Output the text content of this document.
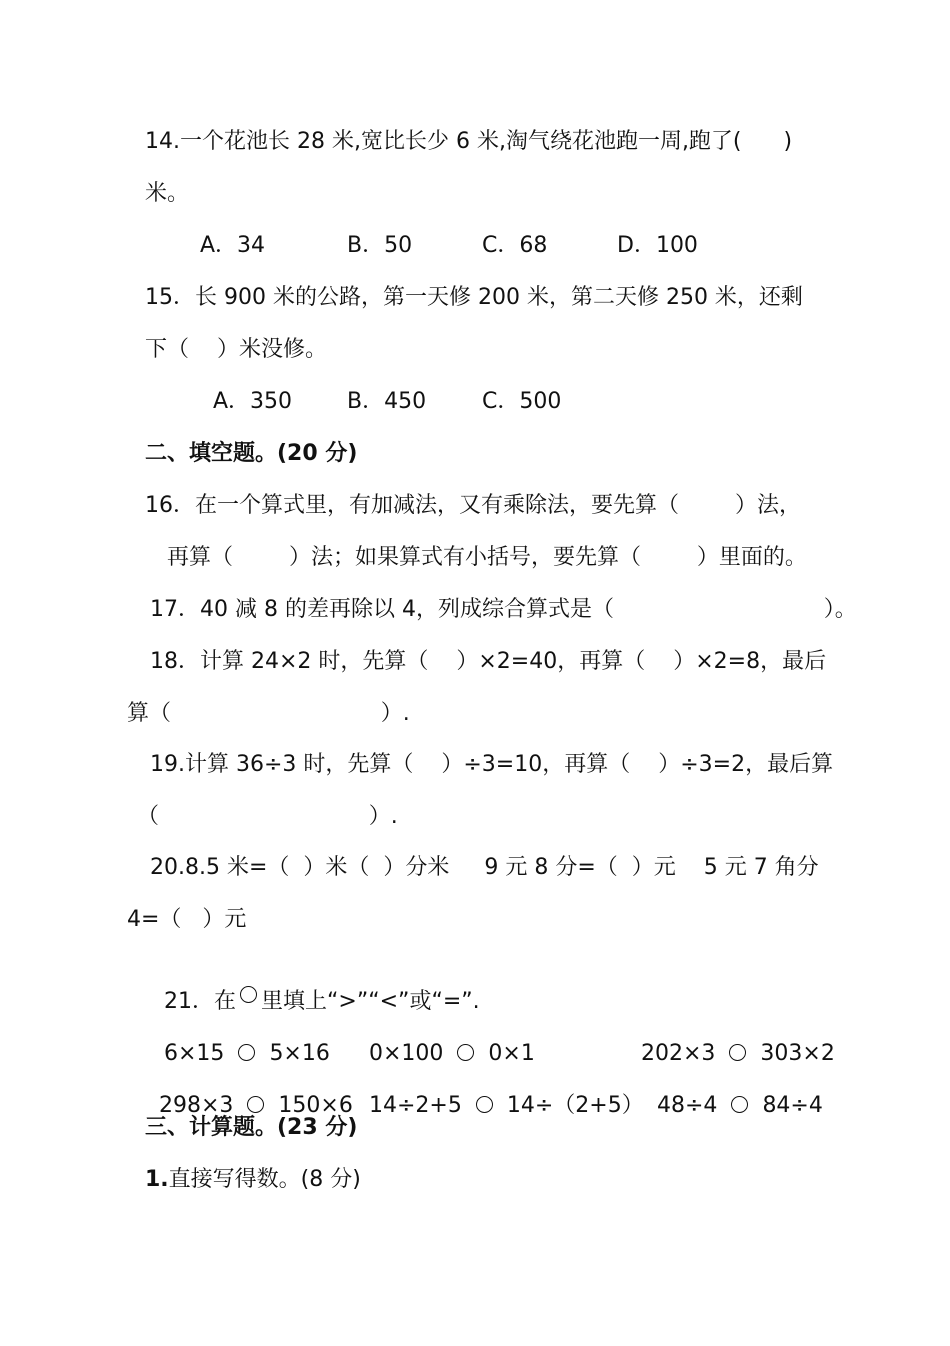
14.一个花池长 28 米,宽比长少 6 米,淘气绕花池跑一周,跑了(      )
米。
A．34	B．50	C．68	D．100
15．长 900 米的公路，第一天修 200 米，第二天修 250 米，还剩
下（    ）米没修。
A．350 B．450	C．500
二、填空题。(20 分)
16．在一个算式里，有加减法，又有乘除法，要先算（        ）法，
再算（        ）法；如果算式有小括号，要先算（        ）里面的。
17．40 减 8 的差再除以 4，列成综合算式是（                              ）。
18．计算 24×2 时，先算（    ）×2=40，再算（    ）×2=8，最后
算（                              ）.
19.计算 36÷3 时，先算（    ）÷3=10，再算（    ）÷3=2，最后算
（                              ）.
20.8.5 米=（  ）米（  ）分米     9 元 8 分=（  ）元    5 元 7 角分
4=（   ）元

21．在 里填上“>”“<”或“=”.

6×15 5×16	0×100 0×1	202×3 303×2

298×3 150×6 14÷2+5 14÷（2+5） 48÷4 84÷4

三、计算题。(23 分)
1.直接写得数。(8 分)
